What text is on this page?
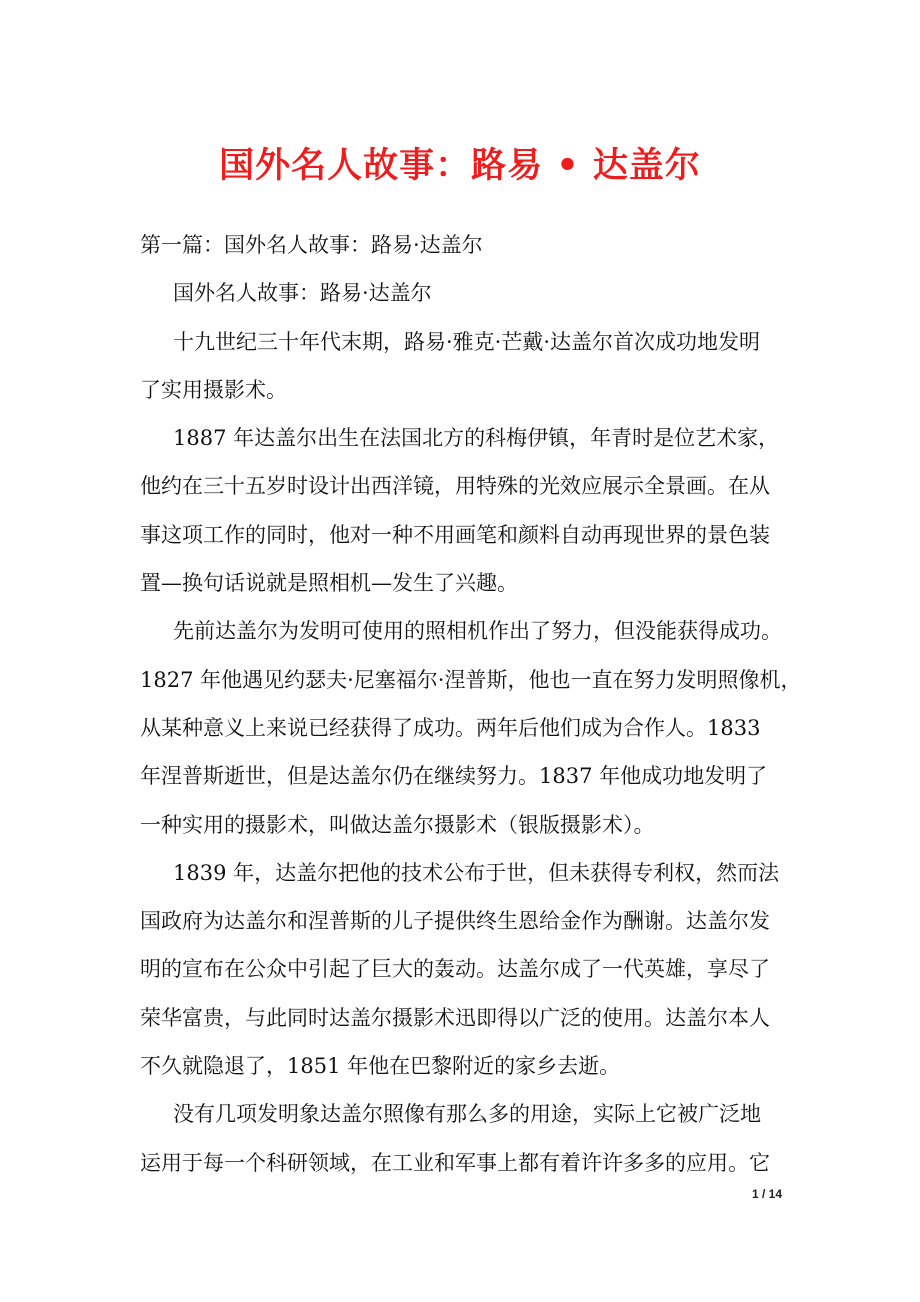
国外名人故事：路易 • 达盖尔
第一篇：国外名人故事：路易·达盖尔
国外名人故事：路易·达盖尔
十九世纪三十年代末期，路易·雅克·芒戴·达盖尔首次成功地发明
了实用摄影术。
1887 年达盖尔出生在法国北方的科梅伊镇，年青时是位艺术家，
他约在三十五岁时设计出西洋镜，用特殊的光效应展示全景画。在从
事这项工作的同时，他对一种不用画笔和颜料自动再现世界的景色装
置—换句话说就是照相机—发生了兴趣。
先前达盖尔为发明可使用的照相机作出了努力，但没能获得成功。
1827 年他遇见约瑟夫·尼塞福尔·涅普斯，他也一直在努力发明照像机，
从某种意义上来说已经获得了成功。两年后他们成为合作人。1833
年涅普斯逝世，但是达盖尔仍在继续努力。1837 年他成功地发明了
一种实用的摄影术，叫做达盖尔摄影术（银版摄影术）。
1839 年，达盖尔把他的技术公布于世，但未获得专利权，然而法
国政府为达盖尔和涅普斯的儿子提供终生恩给金作为酬谢。达盖尔发
明的宣布在公众中引起了巨大的轰动。达盖尔成了一代英雄，享尽了
荣华富贵，与此同时达盖尔摄影术迅即得以广泛的使用。达盖尔本人
不久就隐退了，1851 年他在巴黎附近的家乡去逝。
没有几项发明象达盖尔照像有那么多的用途，实际上它被广泛地
运用于每一个科研领域，在工业和军事上都有着许许多多的应用。它
1 / 14
